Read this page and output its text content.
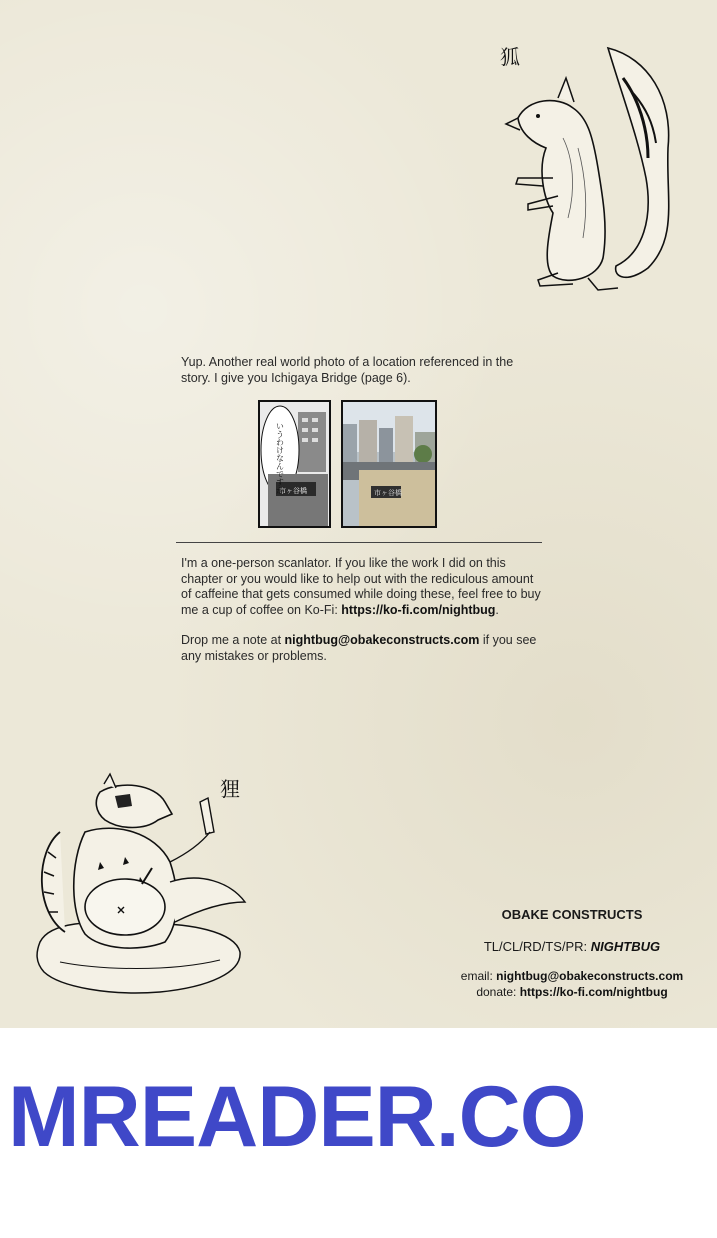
狐
Yup. Another real world photo of a location referenced in the story. I give you Ichigaya Bridge (page 6).
市ヶ谷橋
いうわけなんですが	市ヶ谷橋
I'm a one-person scanlator. If you like the work I did on this chapter or you would like to help out with the rediculous amount of caffeine that gets consumed while doing these, feel free to buy me a cup of coffee on Ko-Fi: https://ko-fi.com/nightbug.
Drop me a note at nightbug@obakeconstructs.com if you see any mistakes or problems.
狸
OBAKE CONSTRUCTS
TL/CL/RD/TS/PR: NIGHTBUG
email: nightbug@obakeconstructs.com
donate: https://ko-fi.com/nightbug
MREADER.CO
